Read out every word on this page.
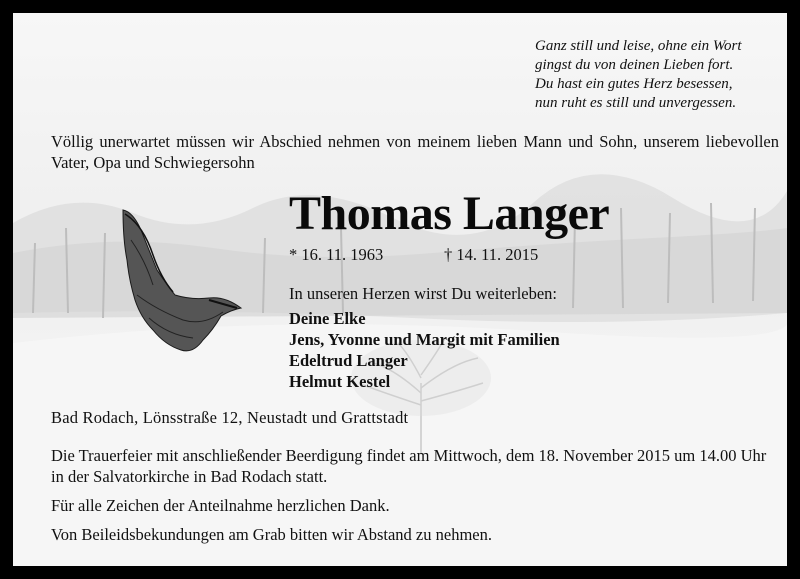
Ganz still und leise, ohne ein Wort
gingst du von deinen Lieben fort.
Du hast ein gutes Herz besessen,
nun ruht es still und unvergessen.
Völlig unerwartet müssen wir Abschied nehmen von meinem lieben Mann und Sohn, unserem liebevollen Vater, Opa und Schwiegersohn
Thomas Langer
* 16. 11. 1963	† 14. 11. 2015
In unseren Herzen wirst Du weiterleben:
Deine Elke
Jens, Yvonne und Margit mit Familien
Edeltrud Langer
Helmut Kestel
Bad Rodach, Lönsstraße 12, Neustadt und Grattstadt

Die Trauerfeier mit anschließender Beerdigung findet am Mittwoch, dem 18. November 2015 um 14.00 Uhr in der Salvatorkirche in Bad Rodach statt.

Für alle Zeichen der Anteilnahme herzlichen Dank.

Von Beileidsbekundungen am Grab bitten wir Abstand zu nehmen.
